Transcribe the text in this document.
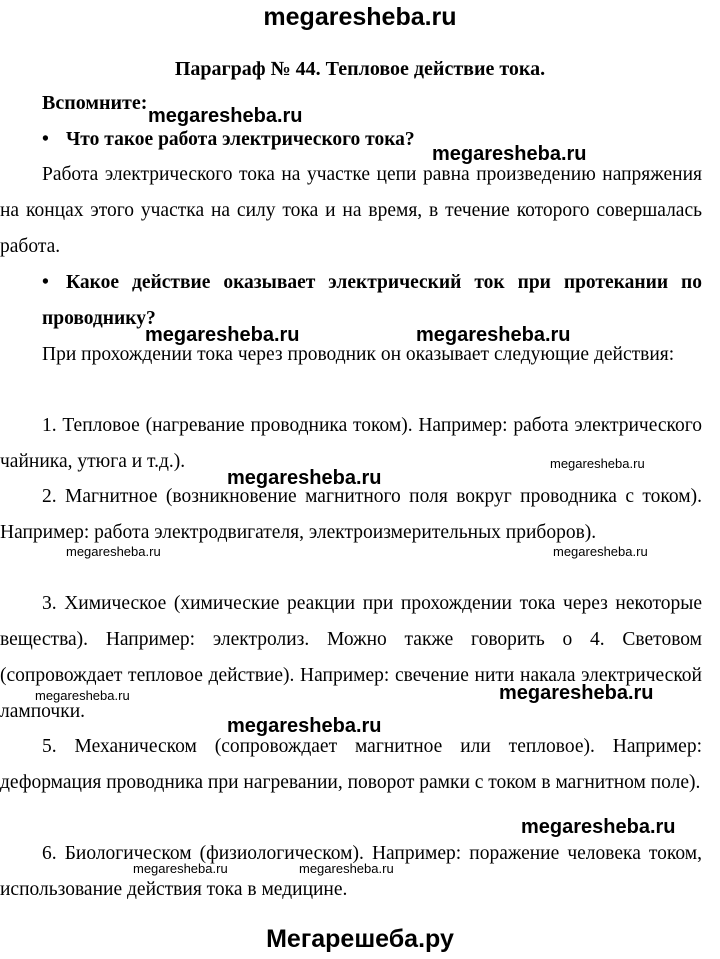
megaresheba.ru
Параграф № 44. Тепловое действие тока.
Вспомните:
• Что такое работа электрического тока?
Работа электрического тока на участке цепи равна произведению напряжения на концах этого участка на силу тока и на время, в течение которого совершалась работа.
• Какое действие оказывает электрический ток при протекании по проводнику?
При прохождении тока через проводник он оказывает следующие действия:
1. Тепловое (нагревание проводника током). Например: работа электрического чайника, утюга и т.д.).
2. Магнитное (возникновение магнитного поля вокруг проводника с током). Например: работа электродвигателя, электроизмерительных приборов).
3. Химическое (химические реакции при прохождении тока через некоторые вещества). Например: электролиз. Можно также говорить о 4. Световом (сопровождает тепловое действие). Например: свечение нити накала электрической лампочки.
5. Механическом (сопровождает магнитное или тепловое). Например: деформация проводника при нагревании, поворот рамки с током в магнитном поле).
6. Биологическом (физиологическом). Например: поражение человека током, использование действия тока в медицине.
megaresheba.ru
megaresheba.ru
megaresheba.ru	megaresheba.ru
megaresheba.ru
megaresheba.ru
megaresheba.ru	megaresheba.ru
megaresheba.ru	megaresheba.ru
megaresheba.ru
megaresheba.ru
megaresheba.ru	megaresheba.ru
Мегарешеба.ру
